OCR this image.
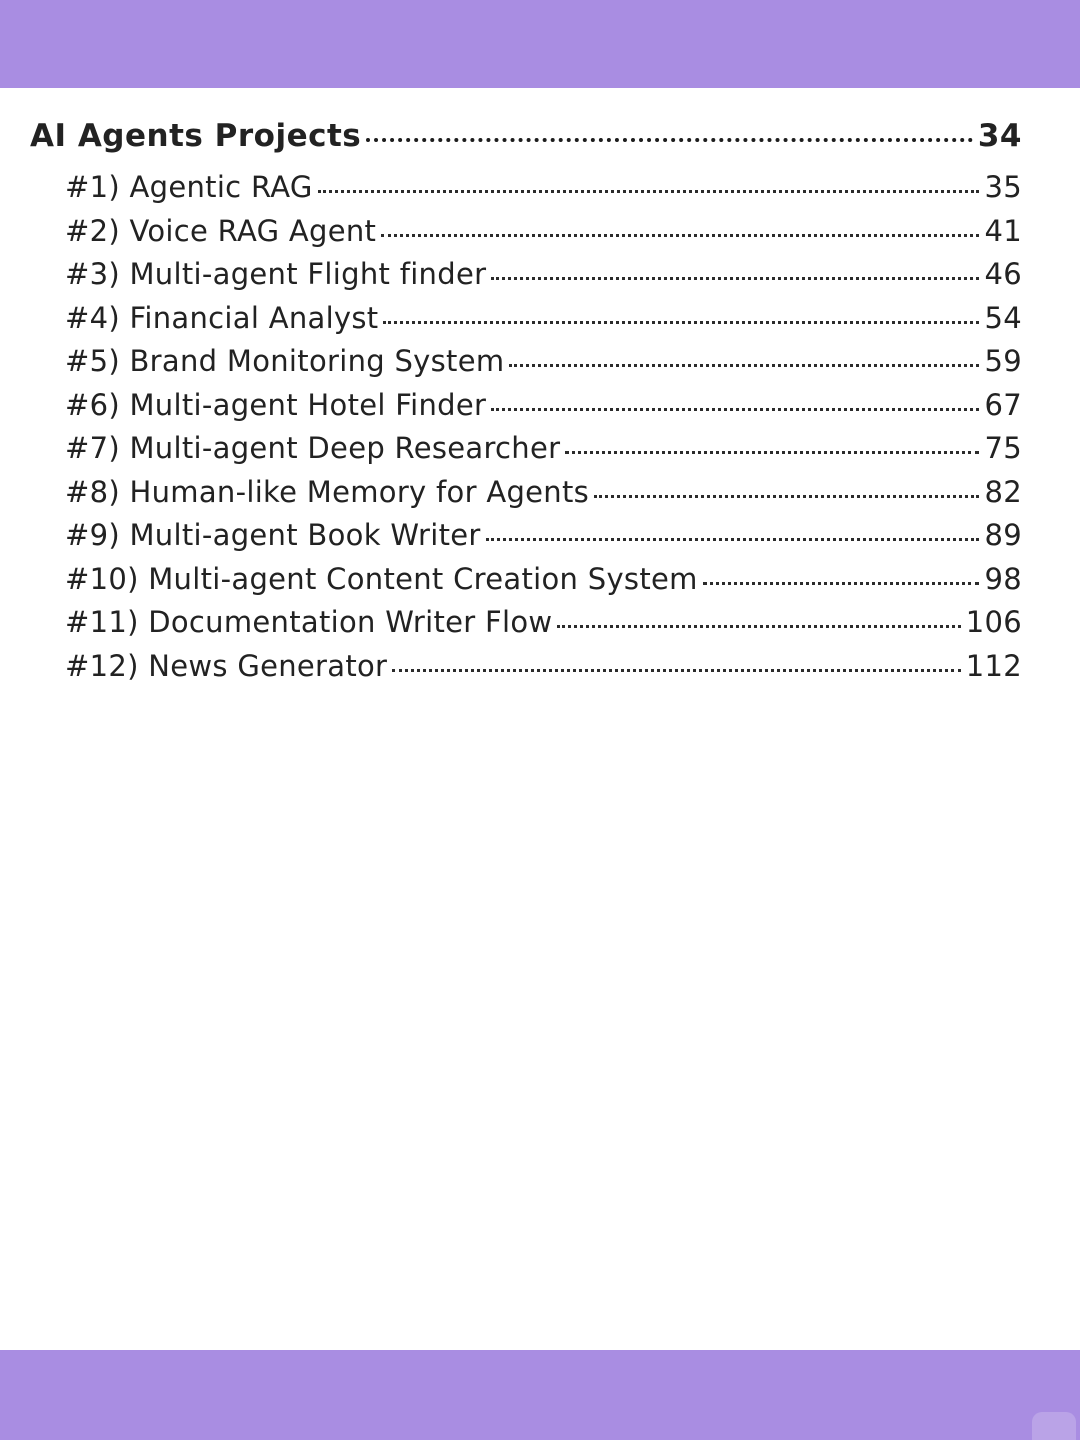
AI Agents Projects	34
#1) Agentic RAG	35
#2) Voice RAG Agent	41
#3) Multi-agent Flight finder	46
#4) Financial Analyst	54
#5) Brand Monitoring System	59
#6) Multi-agent Hotel Finder	67
#7) Multi-agent Deep Researcher	75
#8) Human-like Memory for Agents	82
#9) Multi-agent Book Writer	89
#10) Multi-agent Content Creation System	98
#11) Documentation Writer Flow	106
#12) News Generator	112
